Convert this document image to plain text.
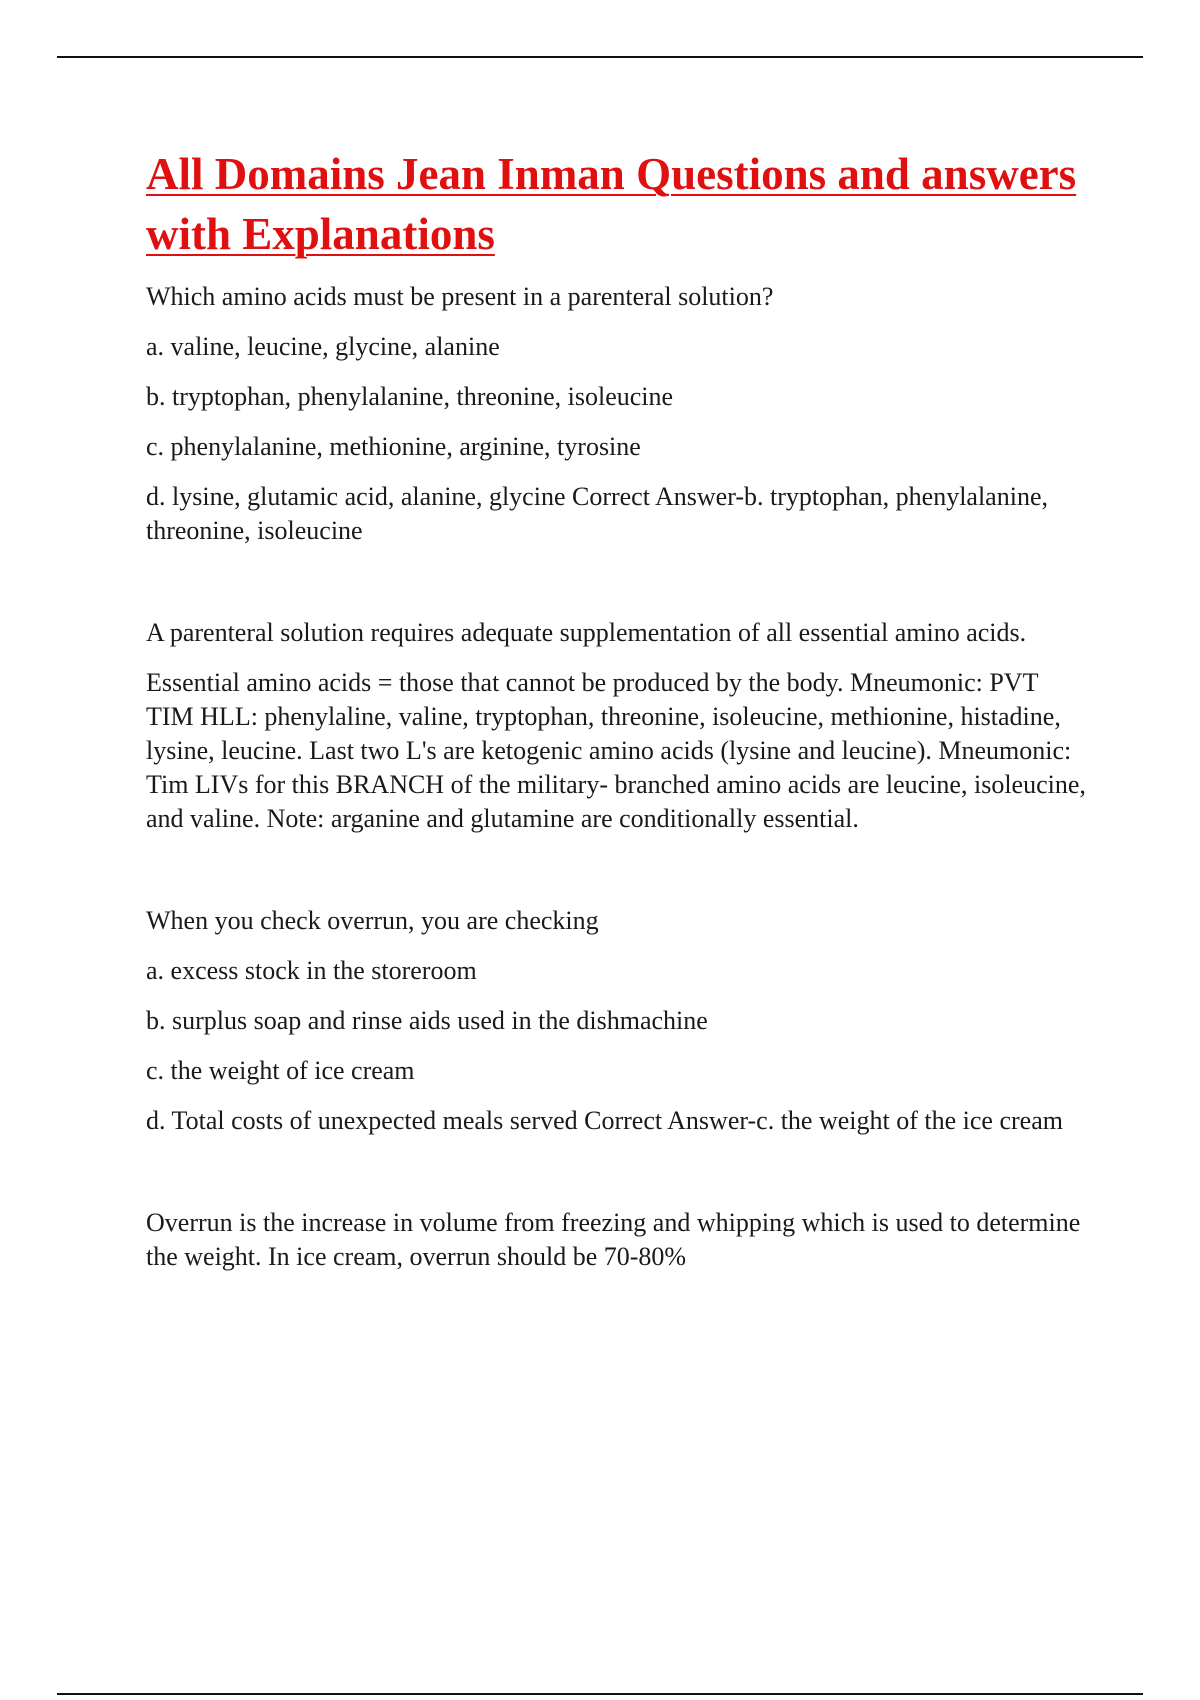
All Domains Jean Inman Questions and answers with Explanations

Which amino acids must be present in a parenteral solution?

a. valine, leucine, glycine, alanine

b. tryptophan, phenylalanine, threonine, isoleucine

c. phenylalanine, methionine, arginine, tyrosine

d. lysine, glutamic acid, alanine, glycine Correct Answer-b. tryptophan, phenylalanine, threonine, isoleucine

A parenteral solution requires adequate supplementation of all essential amino acids.

Essential amino acids = those that cannot be produced by the body. Mneumonic: PVT TIM HLL: phenylaline, valine, tryptophan, threonine, isoleucine, methionine, histadine, lysine, leucine. Last two L's are ketogenic amino acids (lysine and leucine). Mneumonic: Tim LIVs for this BRANCH of the military- branched amino acids are leucine, isoleucine, and valine. Note: arganine and glutamine are conditionally essential.

When you check overrun, you are checking

a. excess stock in the storeroom

b. surplus soap and rinse aids used in the dishmachine

c. the weight of ice cream

d. Total costs of unexpected meals served Correct Answer-c. the weight of the ice cream

Overrun is the increase in volume from freezing and whipping which is used to determine the weight. In ice cream, overrun should be 70-80%
